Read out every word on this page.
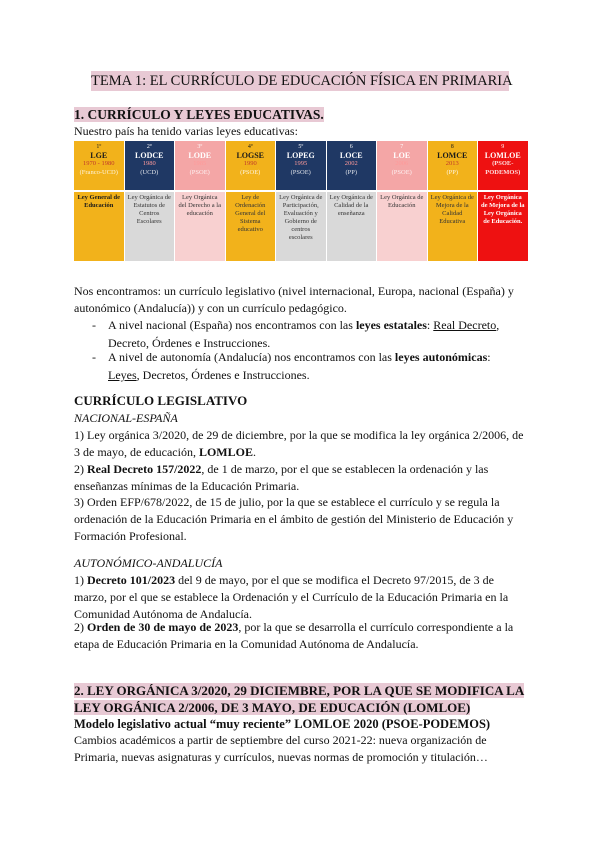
TEMA 1: EL CURRÍCULO DE EDUCACIÓN FÍSICA EN PRIMARIA
1. CURRÍCULO Y LEYES EDUCATIVAS.
Nuestro país ha tenido varias leyes educativas:
1º
LGE
1970 - 1980
(Franco-UCD)
Ley General de Educación
2º
LODCE
1980
(UCD)
Ley Orgánica de Estatutos de Centros Escolares
3º
LODE
1985
(PSOE)
Ley Orgánica del Derecho a la educación
4º
LOGSE
1990
(PSOE)
Ley de Ordenación General del Sistema educativo
5º
LOPEG
1995
(PSOE)
Ley Orgánica de Participación, Evaluación y Gobierno de centros escolares
6
LOCE
2002
(PP)
Ley Orgánica de Calidad de la enseñanza
7
LOE
2006
(PSOE)
Ley Orgánica de Educación
8
LOMCE
2013
(PP)
Ley Orgánica de Mejora de la Calidad Educativa
9
LOMLOE
(PSOE-PODEMOS)
Ley Orgánica de Mejora de la Ley Orgánica de Educación.
Nos encontramos: un currículo legislativo (nivel internacional, Europa, nacional (España) y autonómico (Andalucía)) y con un currículo pedagógico.
-	A nivel nacional (España) nos encontramos con las leyes estatales: Real Decreto, Decreto, Órdenes e Instrucciones.
-	A nivel de autonomía (Andalucía) nos encontramos con las leyes autonómicas: Leyes, Decretos, Órdenes e Instrucciones.
CURRÍCULO LEGISLATIVO
NACIONAL-ESPAÑA
1) Ley orgánica 3/2020, de 29 de diciembre, por la que se modifica la ley orgánica 2/2006, de 3 de mayo, de educación, LOMLOE.
2) Real Decreto 157/2022, de 1 de marzo, por el que se establecen la ordenación y las enseñanzas mínimas de la Educación Primaria.
3) Orden EFP/678/2022, de 15 de julio, por la que se establece el currículo y se regula la ordenación de la Educación Primaria en el ámbito de gestión del Ministerio de Educación y Formación Profesional.
AUTONÓMICO-ANDALUCÍA
1) Decreto 101/2023 del 9 de mayo, por el que se modifica el Decreto 97/2015, de 3 de marzo, por el que se establece la Ordenación y el Currículo de la Educación Primaria en la Comunidad Autónoma de Andalucía.
2) Orden de 30 de mayo de 2023, por la que se desarrolla el currículo correspondiente a la etapa de Educación Primaria en la Comunidad Autónoma de Andalucía.
2. LEY ORGÁNICA 3/2020, 29 DICIEMBRE, POR LA QUE SE MODIFICA LA LEY ORGÁNICA 2/2006, DE 3 MAYO, DE EDUCACIÓN (LOMLOE)
Modelo legislativo actual “muy reciente” LOMLOE 2020 (PSOE-PODEMOS)
Cambios académicos a partir de septiembre del curso 2021-22: nueva organización de Primaria, nuevas asignaturas y currículos, nuevas normas de promoción y titulación…
